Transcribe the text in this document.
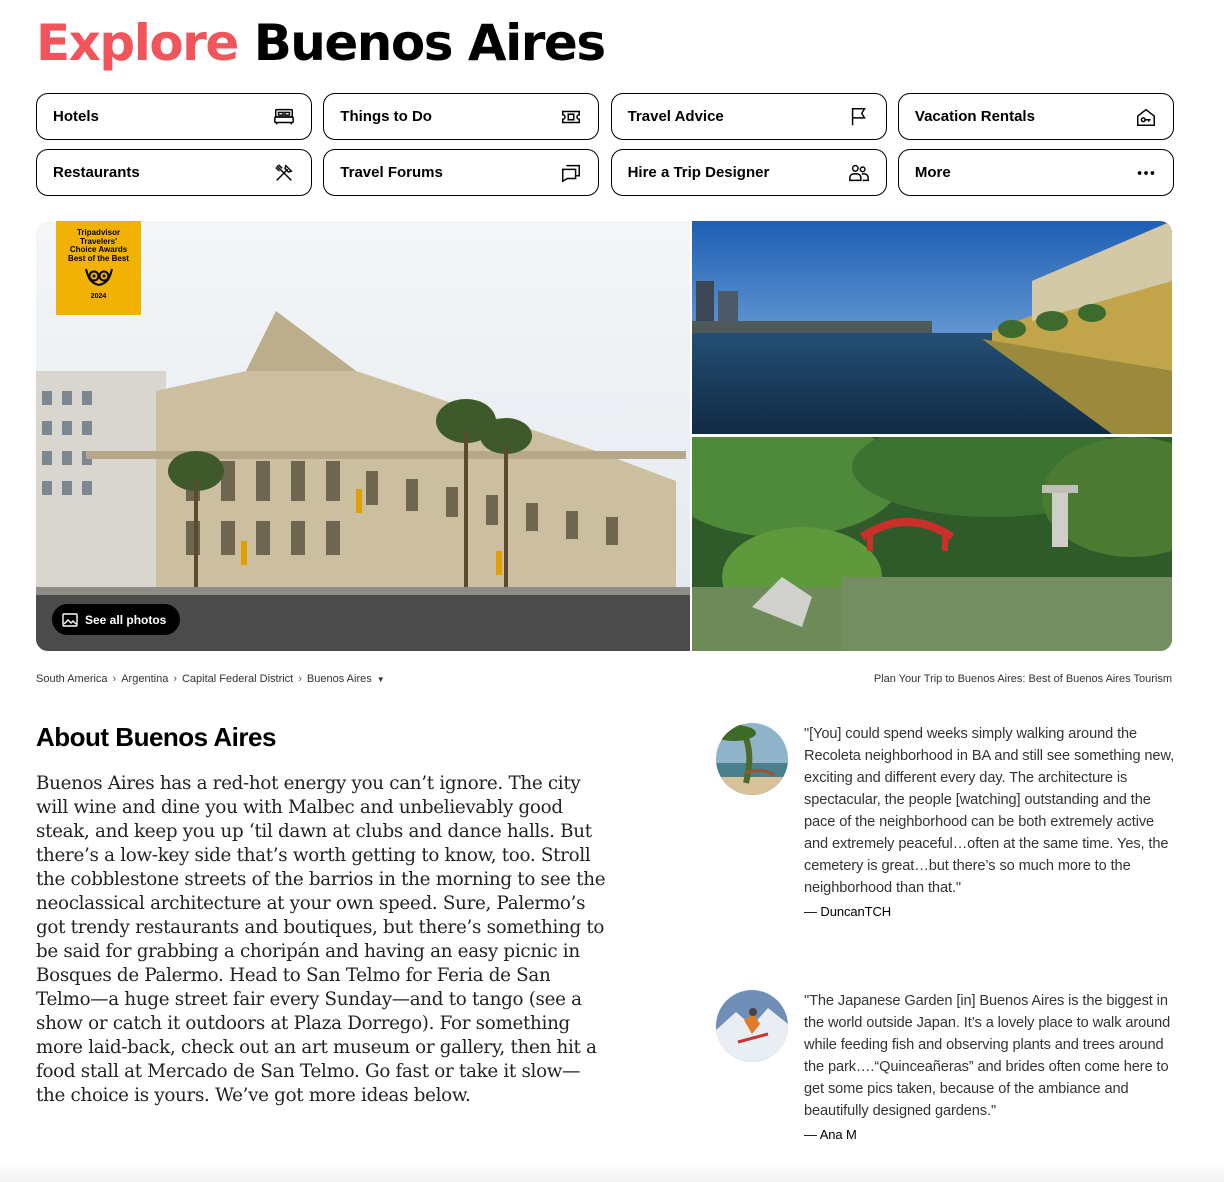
Explore Buenos Aires
Hotels	Things to Do	Travel Advice	Vacation Rentals
Restaurants	Travel Forums	Hire a Trip Designer	More
Tripadvisor
Travelers'
Choice Awards
Best of the Best
2024
See all photos
South America › Argentina › Capital Federal District › Buenos Aires ▼	Plan Your Trip to Buenos Aires: Best of Buenos Aires Tourism
About Buenos Aires
Buenos Aires has a red-hot energy you can’t ignore. The city will wine and dine you with Malbec and unbelievably good steak, and keep you up ‘til dawn at clubs and dance halls. But there’s a low-key side that’s worth getting to know, too. Stroll the cobblestone streets of the barrios in the morning to see the neoclassical architecture at your own speed. Sure, Palermo’s got trendy restaurants and boutiques, but there’s something to be said for grabbing a choripán and having an easy picnic in Bosques de Palermo. Head to San Telmo for Feria de San Telmo—a huge street fair every Sunday—and to tango (see a show or catch it outdoors at Plaza Dorrego). For something more laid-back, check out an art museum or gallery, then hit a food stall at Mercado de San Telmo. Go fast or take it slow—the choice is yours. We’ve got more ideas below.
"[You] could spend weeks simply walking around the Recoleta neighborhood in BA and still see something new, exciting and different every day. The architecture is spectacular, the people [watching] outstanding and the pace of the neighborhood can be both extremely active and extremely peaceful…often at the same time. Yes, the cemetery is great…but there’s so much more to the neighborhood than that."
— DuncanTCH
"The Japanese Garden [in] Buenos Aires is the biggest in the world outside Japan. It’s a lovely place to walk around while feeding fish and observing plants and trees around the park….“Quinceañeras” and brides often come here to get some pics taken, because of the ambiance and beautifully designed gardens."
— Ana M
